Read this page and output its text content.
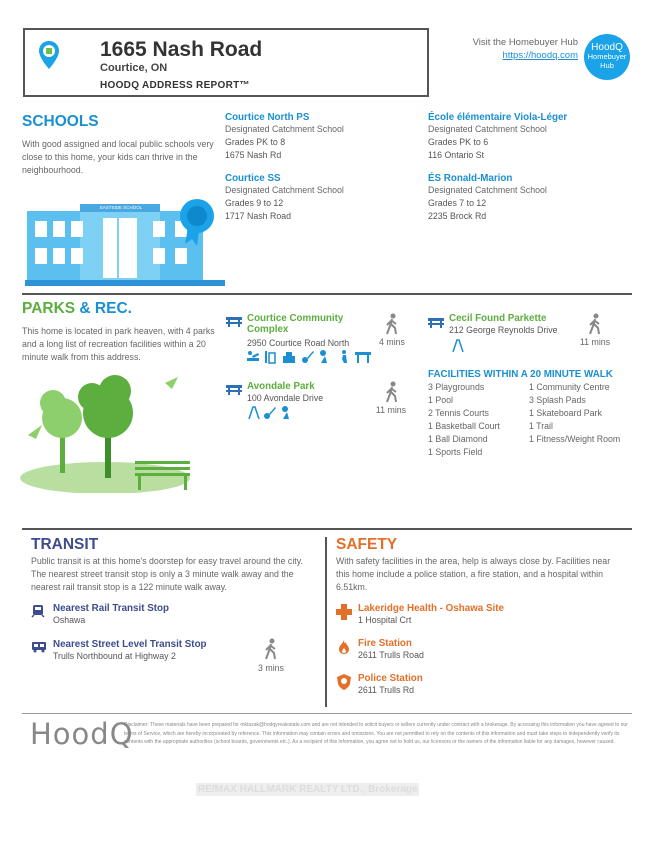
1665 Nash Road
Courtice, ON
HOODQ ADDRESS REPORT™
Visit the Homebuyer Hub
https://hoodq.com
HoodQ
Homebuyer
Hub
SCHOOLS
With good assigned and local public schools very close to this home, your kids can thrive in the neighbourhood.
EASTSIDE SCHOOL
Courtice North PS
Designated Catchment School
Grades PK to 8
1675 Nash Rd
Courtice SS
Designated Catchment School
Grades 9 to 12
1717 Nash Road
École élémentaire Viola-Léger
Designated Catchment School
Grades PK to 6
116 Ontario St
ÉS Ronald-Marion
Designated Catchment School
Grades 7 to 12
2235 Brock Rd
PARKS & REC.
This home is located in park heaven, with 4 parks and a long list of recreation facilities within a 20 minute walk from this address.
Courtice Community Complex
2950 Courtice Road North	4 mins
Avondale Park
100 Avondale Drive
11 mins
Cecil Found Parkette
212 George Reynolds Drive
11 mins
FACILITIES WITHIN A 20 MINUTE WALK
3 Playgrounds
1 Pool
2 Tennis Courts
1 Basketball Court
1 Ball Diamond
1 Sports Field
1 Community Centre
3 Splash Pads
1 Skateboard Park
1 Trail
1 Fitness/Weight Room
TRANSIT
Public transit is at this home's doorstep for easy travel around the city. The nearest street transit stop is only a 3 minute walk away and the nearest rail transit stop is a 122 minute walk away.
Nearest Rail Transit Stop
Oshawa
Nearest Street Level Transit Stop
Trulls Northbound at Highway 2
3 mins
SAFETY
With safety facilities in the area, help is always close by. Facilities near this home include a police station, a fire station, and a hospital within 6.51km.
Lakeridge Health - Oshawa Site
1 Hospital Crt
Fire Station
2611 Trulls Road
Police Station
2611 Trulls Rd
HoodQ
Disclaimer: These materials have been prepared for mktazak@hodqyrealestate.com and are not intended to solicit buyers or sellers currently under contract with a brokerage. By accessing this information you have agreed to our terms of Service, which are hereby incorporated by reference. This information may contain errors and omissions. You are not permitted to rely on the contents of this information and must take steps to independently verify its contents with the appropriate authorities (school boards, governments etc.). As a recipient of this information, you agree not to hold us, our licensors or the owners of the information liable for any damages, however caused.
RE/MAX HALLMARK REALTY LTD., Brokerage
